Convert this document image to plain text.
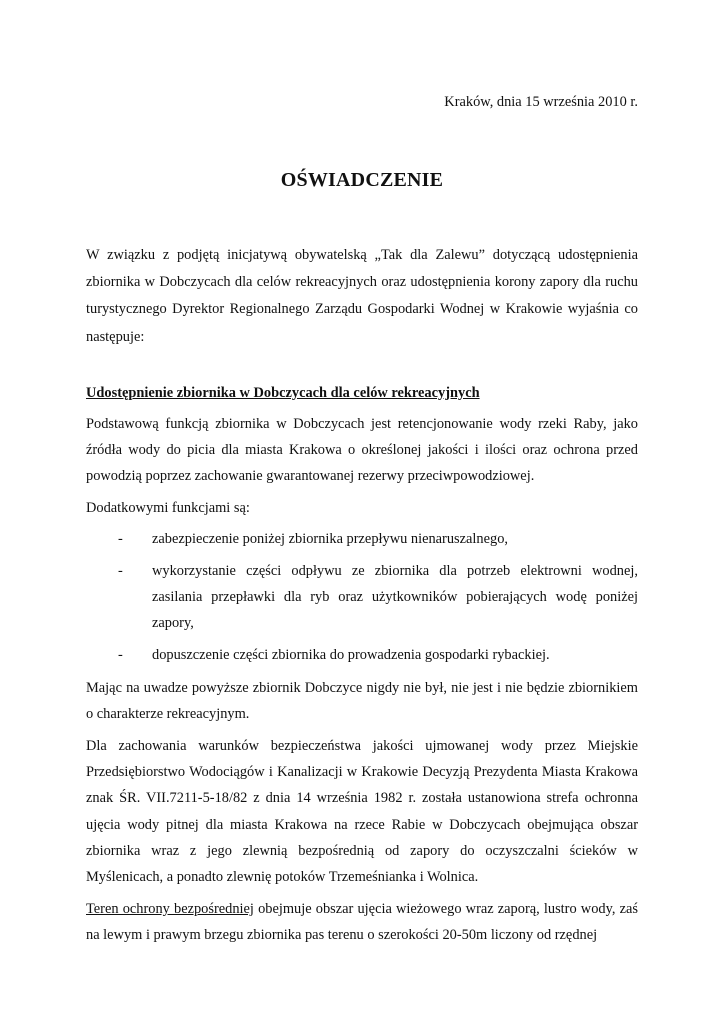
Kraków, dnia 15 września 2010 r.

OŚWIADCZENIE

W związku z podjętą inicjatywą obywatelską „Tak dla Zalewu” dotyczącą udostępnienia zbiornika w Dobczycach dla celów rekreacyjnych oraz udostępnienia korony zapory dla ruchu turystycznego Dyrektor Regionalnego Zarządu Gospodarki Wodnej w Krakowie wyjaśnia co następuje:

Udostępnienie zbiornika w Dobczycach dla celów rekreacyjnych

Podstawową funkcją zbiornika w Dobczycach jest retencjonowanie wody rzeki Raby, jako źródła wody do picia dla miasta Krakowa o określonej jakości i ilości oraz ochrona przed powodzią poprzez zachowanie gwarantowanej rezerwy przeciwpowodziowej.

Dodatkowymi funkcjami są:

- zabezpieczenie poniżej zbiornika przepływu nienaruszalnego,
- wykorzystanie części odpływu ze zbiornika dla potrzeb elektrowni wodnej, zasilania przepławki dla ryb oraz użytkowników pobierających wodę poniżej zapory,
- dopuszczenie części zbiornika do prowadzenia gospodarki rybackiej.

Mając na uwadze powyższe zbiornik Dobczyce nigdy nie był, nie jest i nie będzie zbiornikiem o charakterze rekreacyjnym.

Dla zachowania warunków bezpieczeństwa jakości ujmowanej wody przez Miejskie Przedsiębiorstwo Wodociągów i Kanalizacji w Krakowie Decyzją Prezydenta Miasta Krakowa znak ŚR. VII.7211-5-18/82 z dnia 14 września 1982 r. została ustanowiona strefa ochronna ujęcia wody pitnej dla miasta Krakowa na rzece Rabie w Dobczycach obejmująca obszar zbiornika wraz z jego zlewnią bezpośrednią od zapory do oczyszczalni ścieków w Myślenicach, a ponadto zlewnię potoków Trzemeśnianka i Wolnica.

Teren ochrony bezpośredniej obejmuje obszar ujęcia wieżowego wraz zaporą, lustro wody, zaś na lewym i prawym brzegu zbiornika pas terenu o szerokości 20-50m liczony od rzędnej
